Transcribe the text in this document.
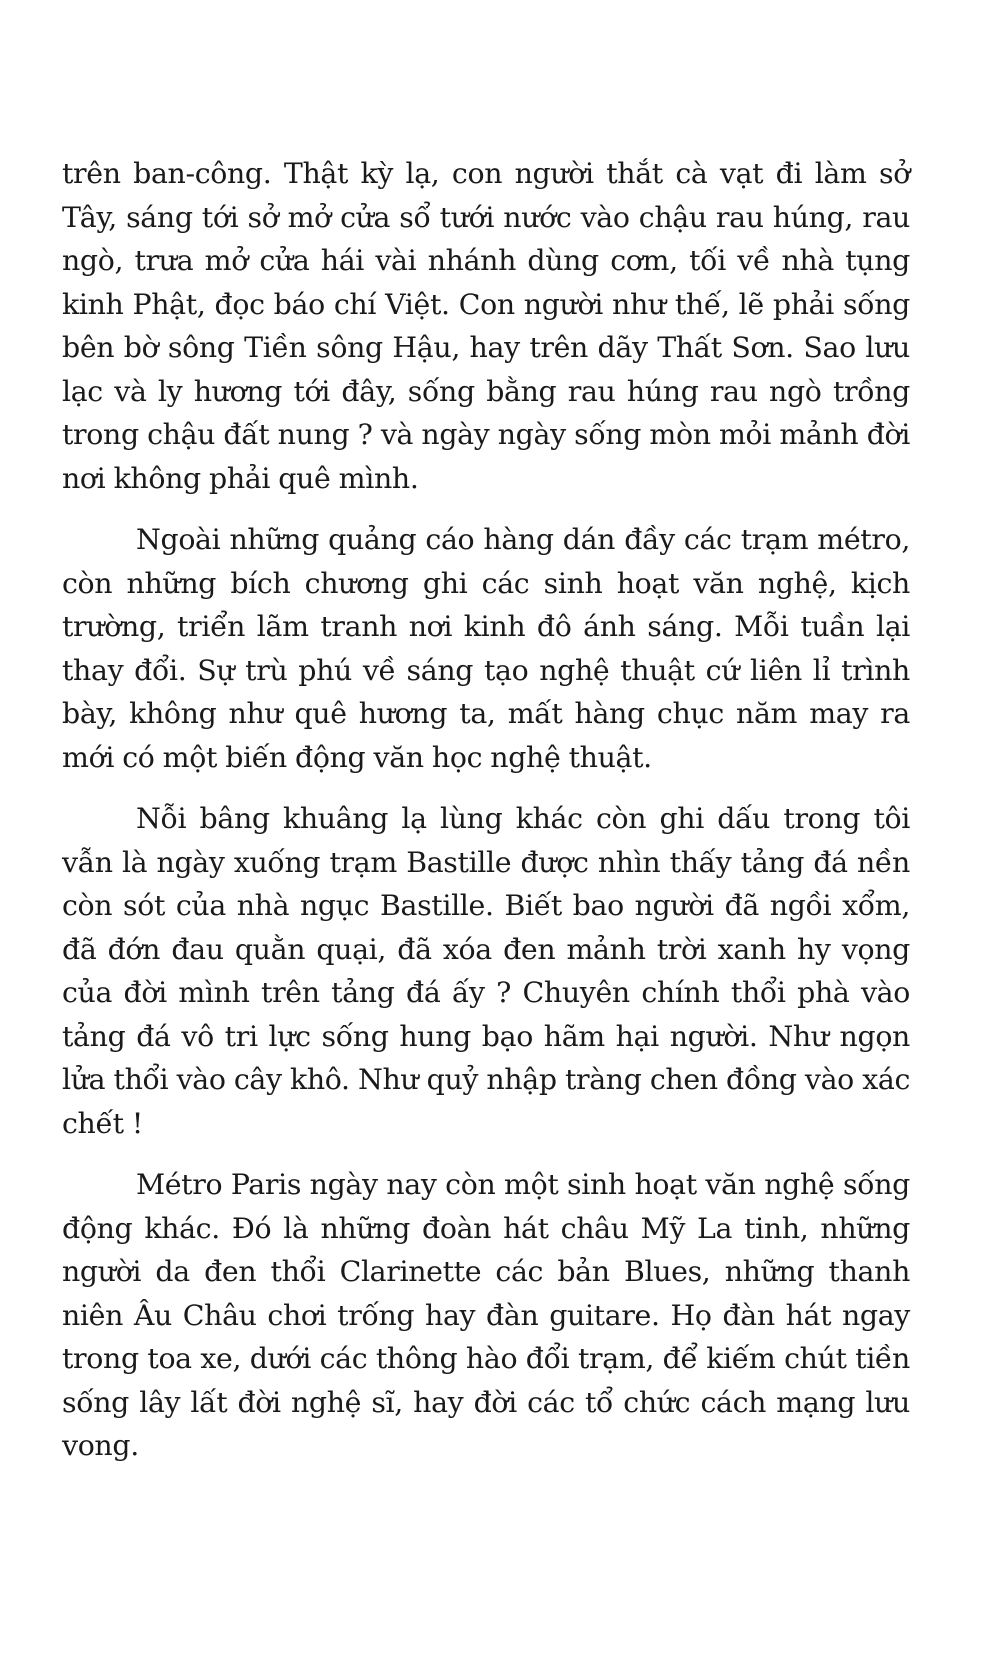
trên ban-công. Thật kỳ lạ, con người thắt cà vạt đi làm sở Tây, sáng tới sở mở cửa sổ tưới nước vào chậu rau húng, rau ngò, trưa mở cửa hái vài nhánh dùng cơm, tối về nhà tụng kinh Phật, đọc báo chí Việt. Con người như thế, lẽ phải sống bên bờ sông Tiền sông Hậu, hay trên dãy Thất Sơn. Sao lưu lạc và ly hương tới đây, sống bằng rau húng rau ngò trồng trong chậu đất nung ? và ngày ngày sống mòn mỏi mảnh đời nơi không phải quê mình.

Ngoài những quảng cáo hàng dán đầy các trạm métro, còn những bích chương ghi các sinh hoạt văn nghệ, kịch trường, triển lãm tranh nơi kinh đô ánh sáng. Mỗi tuần lại thay đổi. Sự trù phú về sáng tạo nghệ thuật cứ liên lỉ trình bày, không như quê hương ta, mất hàng chục năm may ra mới có một biến động văn học nghệ thuật.

Nỗi bâng khuâng lạ lùng khác còn ghi dấu trong tôi vẫn là ngày xuống trạm Bastille được nhìn thấy tảng đá nền còn sót của nhà ngục Bastille. Biết bao người đã ngồi xổm, đã đớn đau quằn quại, đã xóa đen mảnh trời xanh hy vọng của đời mình trên tảng đá ấy ? Chuyên chính thổi phà vào tảng đá vô tri lực sống hung bạo hãm hại người. Như ngọn lửa thổi vào cây khô. Như quỷ nhập tràng chen đồng vào xác chết !

Métro Paris ngày nay còn một sinh hoạt văn nghệ sống động khác. Đó là những đoàn hát châu Mỹ La tinh, những người da đen thổi Clarinette các bản Blues, những thanh niên Âu Châu chơi trống hay đàn guitare. Họ đàn hát ngay trong toa xe, dưới các thông hào đổi trạm, để kiếm chút tiền sống lây lất đời nghệ sĩ, hay đời các tổ chức cách mạng lưu vong.
